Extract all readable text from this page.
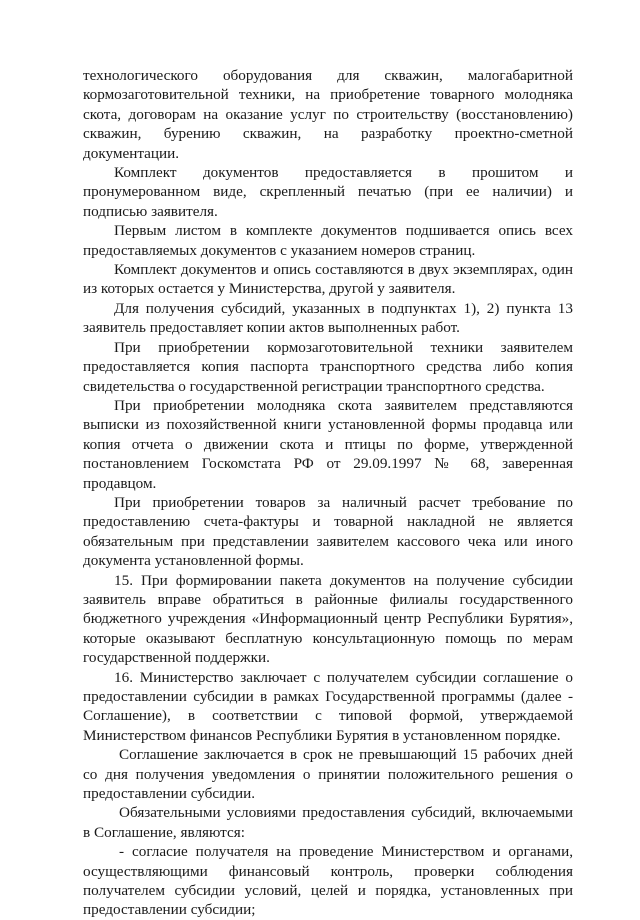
технологического оборудования для скважин, малогабаритной кормозаготовительной техники, на приобретение товарного молодняка скота, договорам на оказание услуг по строительству (восстановлению) скважин, бурению скважин, на разработку проектно-сметной документации.

Комплект документов предоставляется в прошитом и пронумерованном виде, скрепленный печатью (при ее наличии) и подписью заявителя.

Первым листом в комплекте документов подшивается опись всех предоставляемых документов с указанием номеров страниц.

Комплект документов и опись составляются в двух экземплярах, один из которых остается у Министерства, другой у заявителя.

Для получения субсидий, указанных в подпунктах 1), 2) пункта 13 заявитель предоставляет копии актов выполненных работ.

При приобретении кормозаготовительной техники заявителем предоставляется копия паспорта транспортного средства либо копия свидетельства о государственной регистрации транспортного средства.

При приобретении молодняка скота заявителем представляются выписки из похозяйственной книги установленной формы продавца или копия отчета о движении скота и птицы по форме, утвержденной постановлением Госкомстата РФ от 29.09.1997 № 68, заверенная продавцом.

При приобретении товаров за наличный расчет требование по предоставлению счета-фактуры и товарной накладной не является обязательным при представлении заявителем кассового чека или иного документа установленной формы.

15. При формировании пакета документов на получение субсидии заявитель вправе обратиться в районные филиалы государственного бюджетного учреждения «Информационный центр Республики Бурятия», которые оказывают бесплатную консультационную помощь по мерам государственной поддержки.

16. Министерство заключает с получателем субсидии соглашение о предоставлении субсидии в рамках Государственной программы (далее - Соглашение), в соответствии с типовой формой, утверждаемой Министерством финансов Республики Бурятия в установленном порядке.

Соглашение заключается в срок не превышающий 15 рабочих дней со дня получения уведомления о принятии положительного решения о предоставлении субсидии.

Обязательными условиями предоставления субсидий, включаемыми в Соглашение, являются:

- согласие получателя на проведение Министерством и органами, осуществляющими финансовый контроль, проверки соблюдения получателем субсидии условий, целей и порядка, установленных при предоставлении субсидии;
